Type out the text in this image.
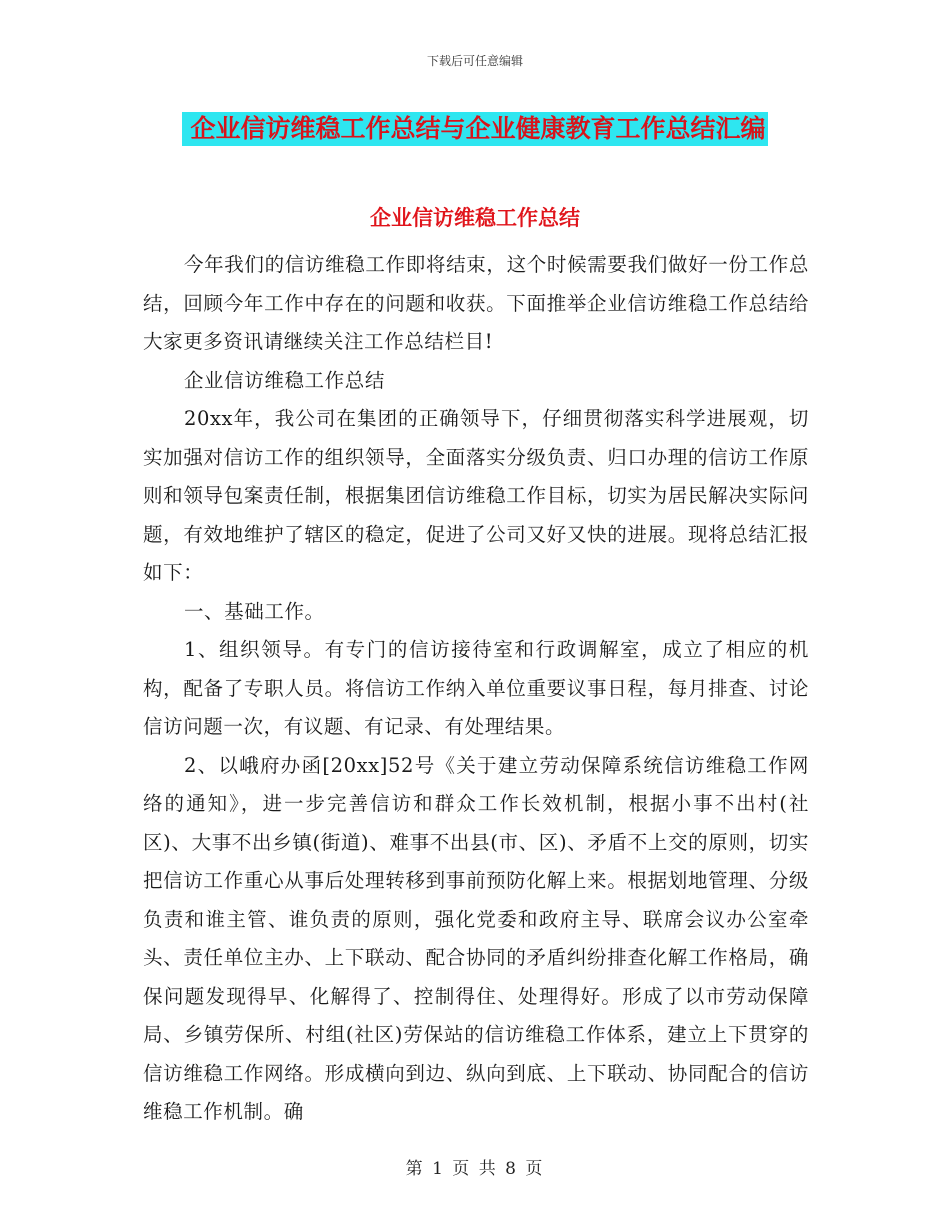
下载后可任意编辑
企业信访维稳工作总结与企业健康教育工作总结汇编
企业信访维稳工作总结

今年我们的信访维稳工作即将结束，这个时候需要我们做好一份工作总结，回顾今年工作中存在的问题和收获。下面推举企业信访维稳工作总结给大家更多资讯请继续关注工作总结栏目!

企业信访维稳工作总结

20xx年，我公司在集团的正确领导下，仔细贯彻落实科学进展观，切实加强对信访工作的组织领导，全面落实分级负责、归口办理的信访工作原则和领导包案责任制，根据集团信访维稳工作目标，切实为居民解决实际问题，有效地维护了辖区的稳定，促进了公司又好又快的进展。现将总结汇报如下：

一、基础工作。

1、组织领导。有专门的信访接待室和行政调解室，成立了相应的机构，配备了专职人员。将信访工作纳入单位重要议事日程，每月排查、讨论信访问题一次，有议题、有记录、有处理结果。

2、以峨府办函[20xx]52号《关于建立劳动保障系统信访维稳工作网络的通知》，进一步完善信访和群众工作长效机制，根据小事不出村(社区)、大事不出乡镇(街道)、难事不出县(市、区)、矛盾不上交的原则，切实把信访工作重心从事后处理转移到事前预防化解上来。根据划地管理、分级负责和谁主管、谁负责的原则，强化党委和政府主导、联席会议办公室牵头、责任单位主办、上下联动、配合协同的矛盾纠纷排查化解工作格局，确保问题发现得早、化解得了、控制得住、处理得好。形成了以市劳动保障局、乡镇劳保所、村组(社区)劳保站的信访维稳工作体系，建立上下贯穿的信访维稳工作网络。形成横向到边、纵向到底、上下联动、协同配合的信访维稳工作机制。确

第 1 页 共 8 页
